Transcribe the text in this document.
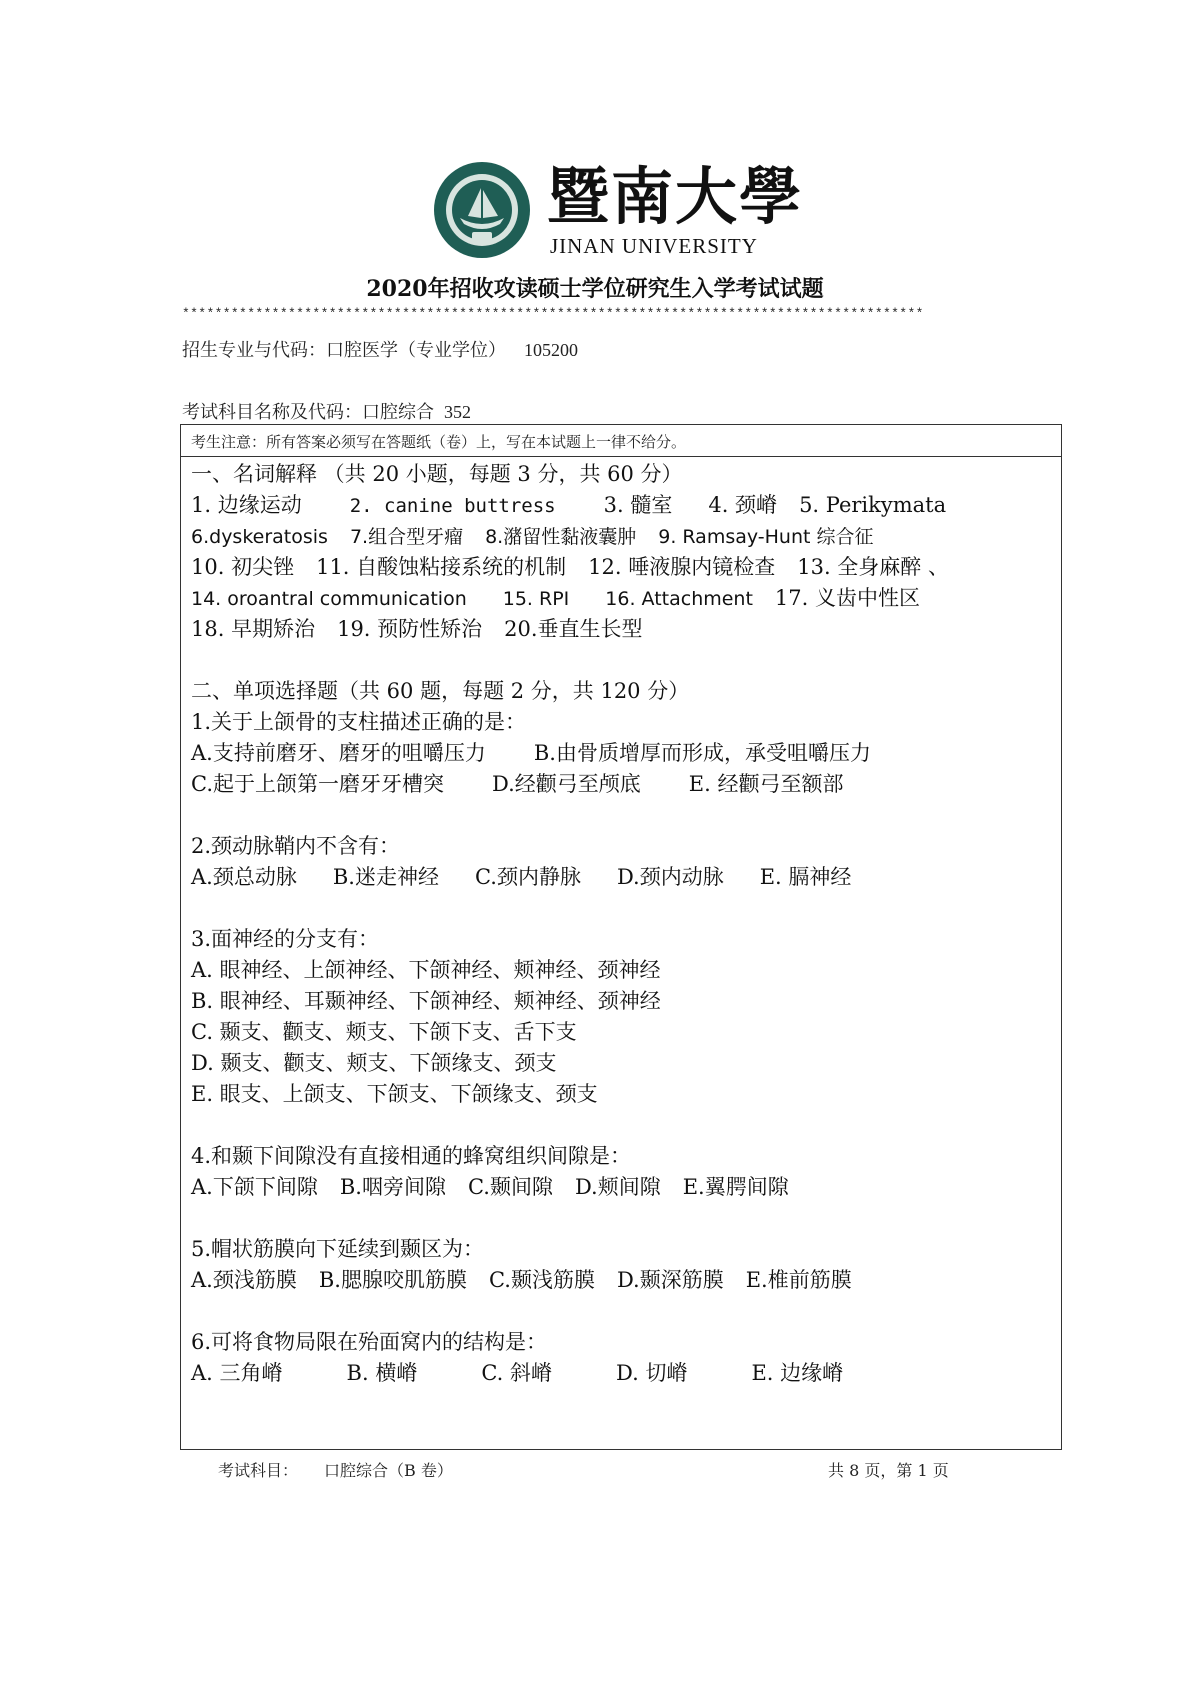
暨南大學
JINAN UNIVERSITY
2020年招收攻读硕士学位研究生入学考试试题
*******************************************************************************************
招生专业与代码：口腔医学（专业学位） 105200
考试科目名称及代码：口腔综合 352
考生注意：所有答案必须写在答题纸（卷）上，写在本试题上一律不给分。
一、名词解释 （共 20 小题，每题 3 分，共 60 分）
1. 边缘运动	2. canine buttress 3. 髓室 4. 颈嵴 5. Perikymata
6.dyskeratosis 7.组合型牙瘤 8.潴留性黏液囊肿 9. Ramsay-Hunt 综合征
10. 初尖锉 11. 自酸蚀粘接系统的机制 12. 唾液腺内镜检查 13. 全身麻醉 、
14. oroantral communication 15. RPI 16. Attachment 17. 义齿中性区
18. 早期矫治 19. 预防性矫治 20.垂直生长型
二、单项选择题（共 60 题，每题 2 分，共 120 分）
1.关于上颌骨的支柱描述正确的是：
A.支持前磨牙、磨牙的咀嚼压力 B.由骨质增厚而形成，承受咀嚼压力
C.起于上颌第一磨牙牙槽突 D.经颧弓至颅底 E. 经颧弓至额部
2.颈动脉鞘内不含有：
A.颈总动脉 B.迷走神经 C.颈内静脉 D.颈内动脉 E. 膈神经
3.面神经的分支有：
A. 眼神经、上颌神经、下颌神经、颊神经、颈神经
B. 眼神经、耳颞神经、下颌神经、颊神经、颈神经
C. 颞支、颧支、颊支、下颌下支、舌下支
D. 颞支、颧支、颊支、下颌缘支、颈支
E. 眼支、上颌支、下颌支、下颌缘支、颈支
4.和颞下间隙没有直接相通的蜂窝组织间隙是：
A.下颌下间隙 B.咽旁间隙 C.颞间隙 D.颊间隙 E.翼腭间隙
5.帽状筋膜向下延续到颞区为：
A.颈浅筋膜 B.腮腺咬肌筋膜 C.颞浅筋膜 D.颞深筋膜 E.椎前筋膜
6.可将食物局限在殆面窝内的结构是：
A. 三角嵴	B. 横嵴	C. 斜嵴	D. 切嵴	E. 边缘嵴
考试科目： 口腔综合（B 卷）	共 8 页，第 1 页
